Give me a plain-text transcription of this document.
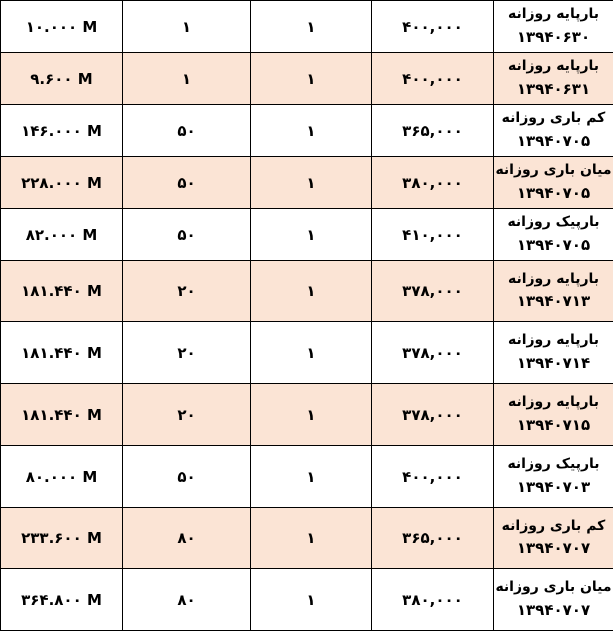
۱۰.۰۰۰ M	۱	۱	۴۰۰,۰۰۰	بارپایه روزانه
۱۳۹۴۰۶۳۰

۹.۶۰۰ M	۱	۱	۴۰۰,۰۰۰	بارپایه روزانه
۱۳۹۴۰۶۳۱

۱۴۶.۰۰۰ M	۵۰	۱	۳۶۵,۰۰۰	کم باری روزانه
۱۳۹۴۰۷۰۵

۲۲۸.۰۰۰ M	۵۰	۱	۳۸۰,۰۰۰	میان باری روزانه
۱۳۹۴۰۷۰۵

۸۲.۰۰۰ M	۵۰	۱	۴۱۰,۰۰۰	بارپیک روزانه
۱۳۹۴۰۷۰۵

۱۸۱.۴۴۰ M	۲۰	۱	۳۷۸,۰۰۰	بارپایه روزانه
۱۳۹۴۰۷۱۳

۱۸۱.۴۴۰ M	۲۰	۱	۳۷۸,۰۰۰	بارپایه روزانه
۱۳۹۴۰۷۱۴

۱۸۱.۴۴۰ M	۲۰	۱	۳۷۸,۰۰۰	بارپایه روزانه
۱۳۹۴۰۷۱۵

۸۰.۰۰۰ M	۵۰	۱	۴۰۰,۰۰۰	بارپیک روزانه
۱۳۹۴۰۷۰۳

۲۳۳.۶۰۰ M	۸۰	۱	۳۶۵,۰۰۰	کم باری روزانه
۱۳۹۴۰۷۰۷

۳۶۴.۸۰۰ M	۸۰	۱	۳۸۰,۰۰۰	میان باری روزانه
۱۳۹۴۰۷۰۷
